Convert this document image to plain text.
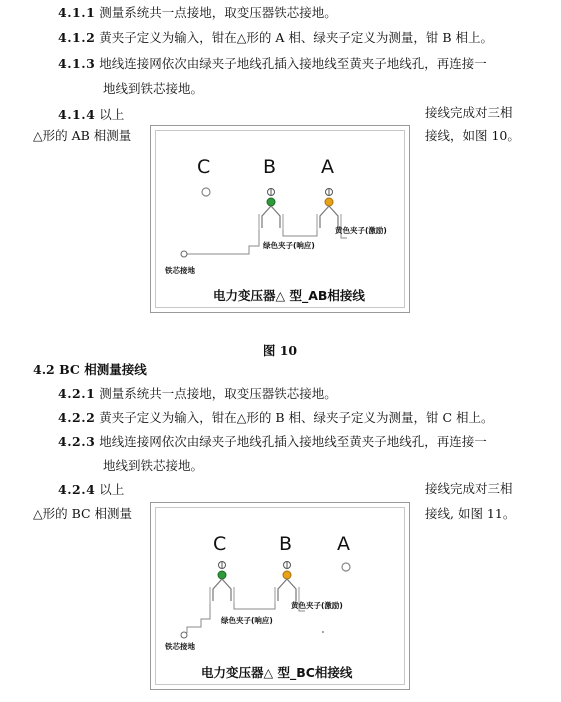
4.1.1 测量系统共一点接地，取变压器铁芯接地。
4.1.2 黄夹子定义为输入，钳在△形的 A 相、绿夹子定义为测量，钳 B 相上。
4.1.3 地线连接网依次由绿夹子地线孔插入接地线至黄夹子地线孔，再连接一
地线到铁芯接地。
4.1.4 以上
△形的 AB 相测量
接线完成对三相
接线，如图 10。
C	B A
黄色夹子(激励)
绿色夹子(响应)
铁芯接地
电力变压器△ 型_AB相接线
图 10
4.2 BC 相测量接线
4.2.1 测量系统共一点接地，取变压器铁芯接地。
4.2.2 黄夹子定义为输入，钳在△形的 B 相、绿夹子定义为测量，钳 C 相上。
4.2.3 地线连接网依次由绿夹子地线孔插入接地线至黄夹子地线孔，再连接一
地线到铁芯接地。
4.2.4 以上
△形的 BC 相测量
接线完成对三相
接线, 如图 11。
C	B A
黄色夹子(激励)
绿色夹子(响应)
铁芯接地
电力变压器△ 型_BC相接线
